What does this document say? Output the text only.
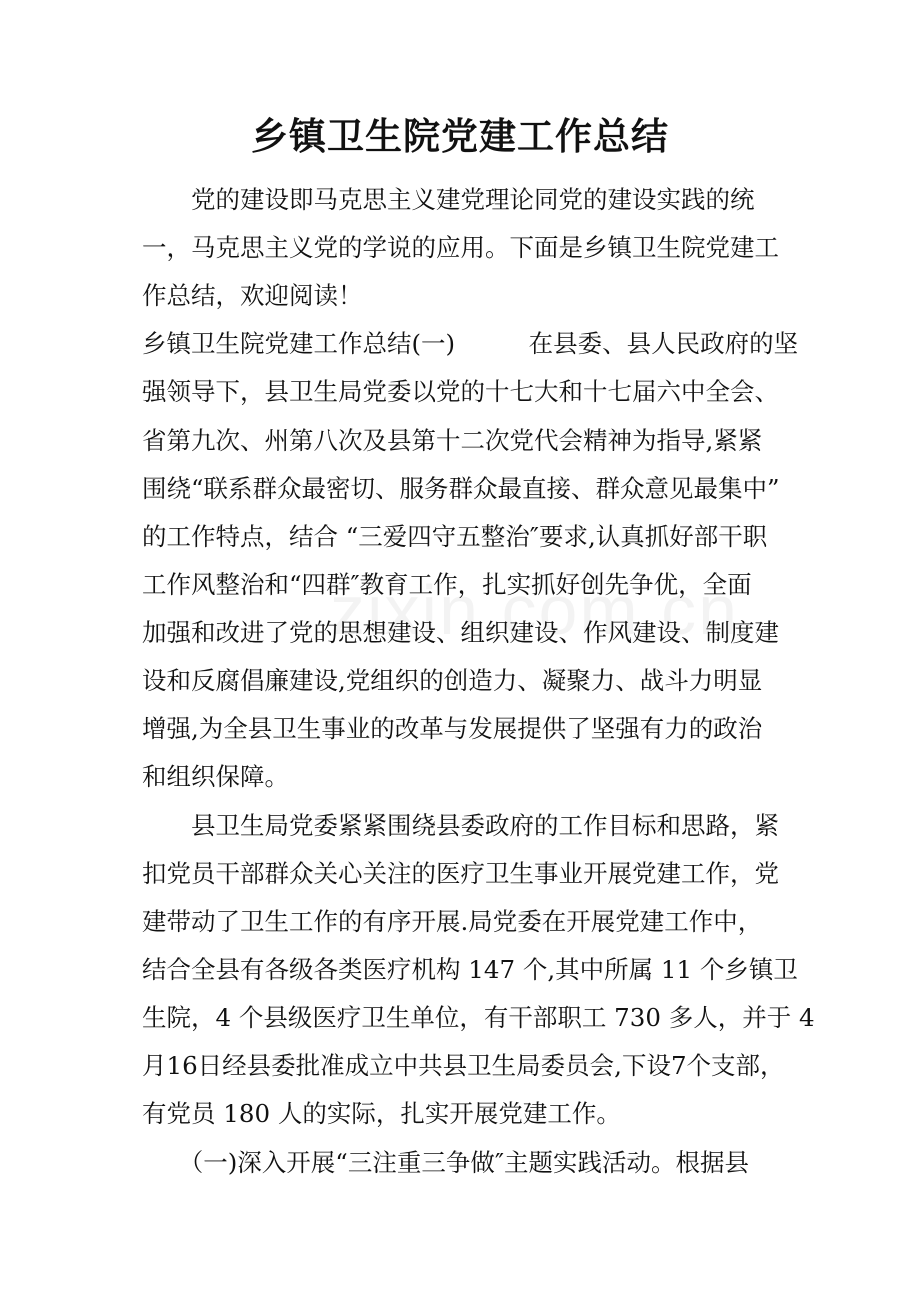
乡镇卫生院党建工作总结
　　党的建设即马克思主义建党理论同党的建设实践的统
一，马克思主义党的学说的应用。下面是乡镇卫生院党建工
作总结，欢迎阅读！
乡镇卫生院党建工作总结(一)　　　在县委、县人民政府的坚
强领导下，县卫生局党委以党的十七大和十七届六中全会、
省第九次、州第八次及县第十二次党代会精神为指导,紧紧
围绕“联系群众最密切、服务群众最直接、群众意见最集中”
的工作特点，结合 “三爱四守五整治″要求,认真抓好部干职
工作风整治和“四群″教育工作，扎实抓好创先争优，全面
加强和改进了党的思想建设、组织建设、作风建设、制度建
设和反腐倡廉建设,党组织的创造力、凝聚力、战斗力明显
增强,为全县卫生事业的改革与发展提供了坚强有力的政治
和组织保障。
　　县卫生局党委紧紧围绕县委政府的工作目标和思路，紧
扣党员干部群众关心关注的医疗卫生事业开展党建工作，党
建带动了卫生工作的有序开展.局党委在开展党建工作中，
结合全县有各级各类医疗机构 147 个,其中所属 11 个乡镇卫
生院，4 个县级医疗卫生单位，有干部职工 730 多人，并于 4
月16日经县委批准成立中共县卫生局委员会,下设7个支部，
有党员 180 人的实际，扎实开展党建工作。
　　（一)深入开展“三注重三争做″主题实践活动。根据县
